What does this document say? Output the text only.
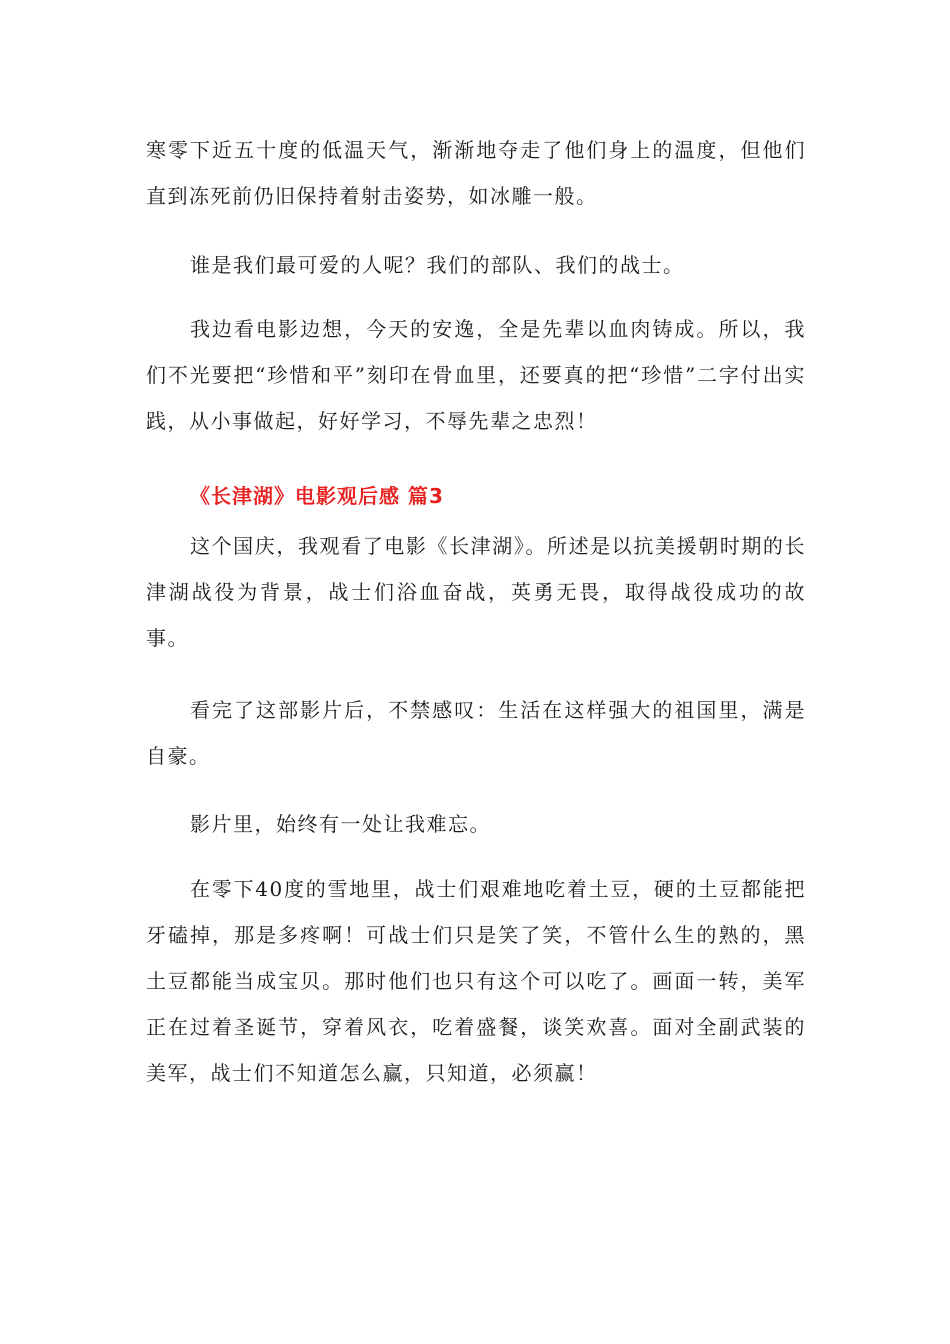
寒零下近五十度的低温天气，渐渐地夺走了他们身上的温度，但他们直到冻死前仍旧保持着射击姿势，如冰雕一般。

谁是我们最可爱的人呢？我们的部队、我们的战士。

我边看电影边想，今天的安逸，全是先辈以血肉铸成。所以，我们不光要把“珍惜和平”刻印在骨血里，还要真的把“珍惜”二字付出实践，从小事做起，好好学习，不辱先辈之忠烈！

《长津湖》电影观后感 篇3

这个国庆，我观看了电影《长津湖》。所述是以抗美援朝时期的长津湖战役为背景，战士们浴血奋战，英勇无畏，取得战役成功的故事。

看完了这部影片后，不禁感叹：生活在这样强大的祖国里，满是自豪。

影片里，始终有一处让我难忘。

在零下40度的雪地里，战士们艰难地吃着土豆，硬的土豆都能把牙磕掉，那是多疼啊！可战士们只是笑了笑，不管什么生的熟的，黑土豆都能当成宝贝。那时他们也只有这个可以吃了。画面一转，美军正在过着圣诞节，穿着风衣，吃着盛餐，谈笑欢喜。面对全副武装的美军，战士们不知道怎么赢，只知道，必须赢！
